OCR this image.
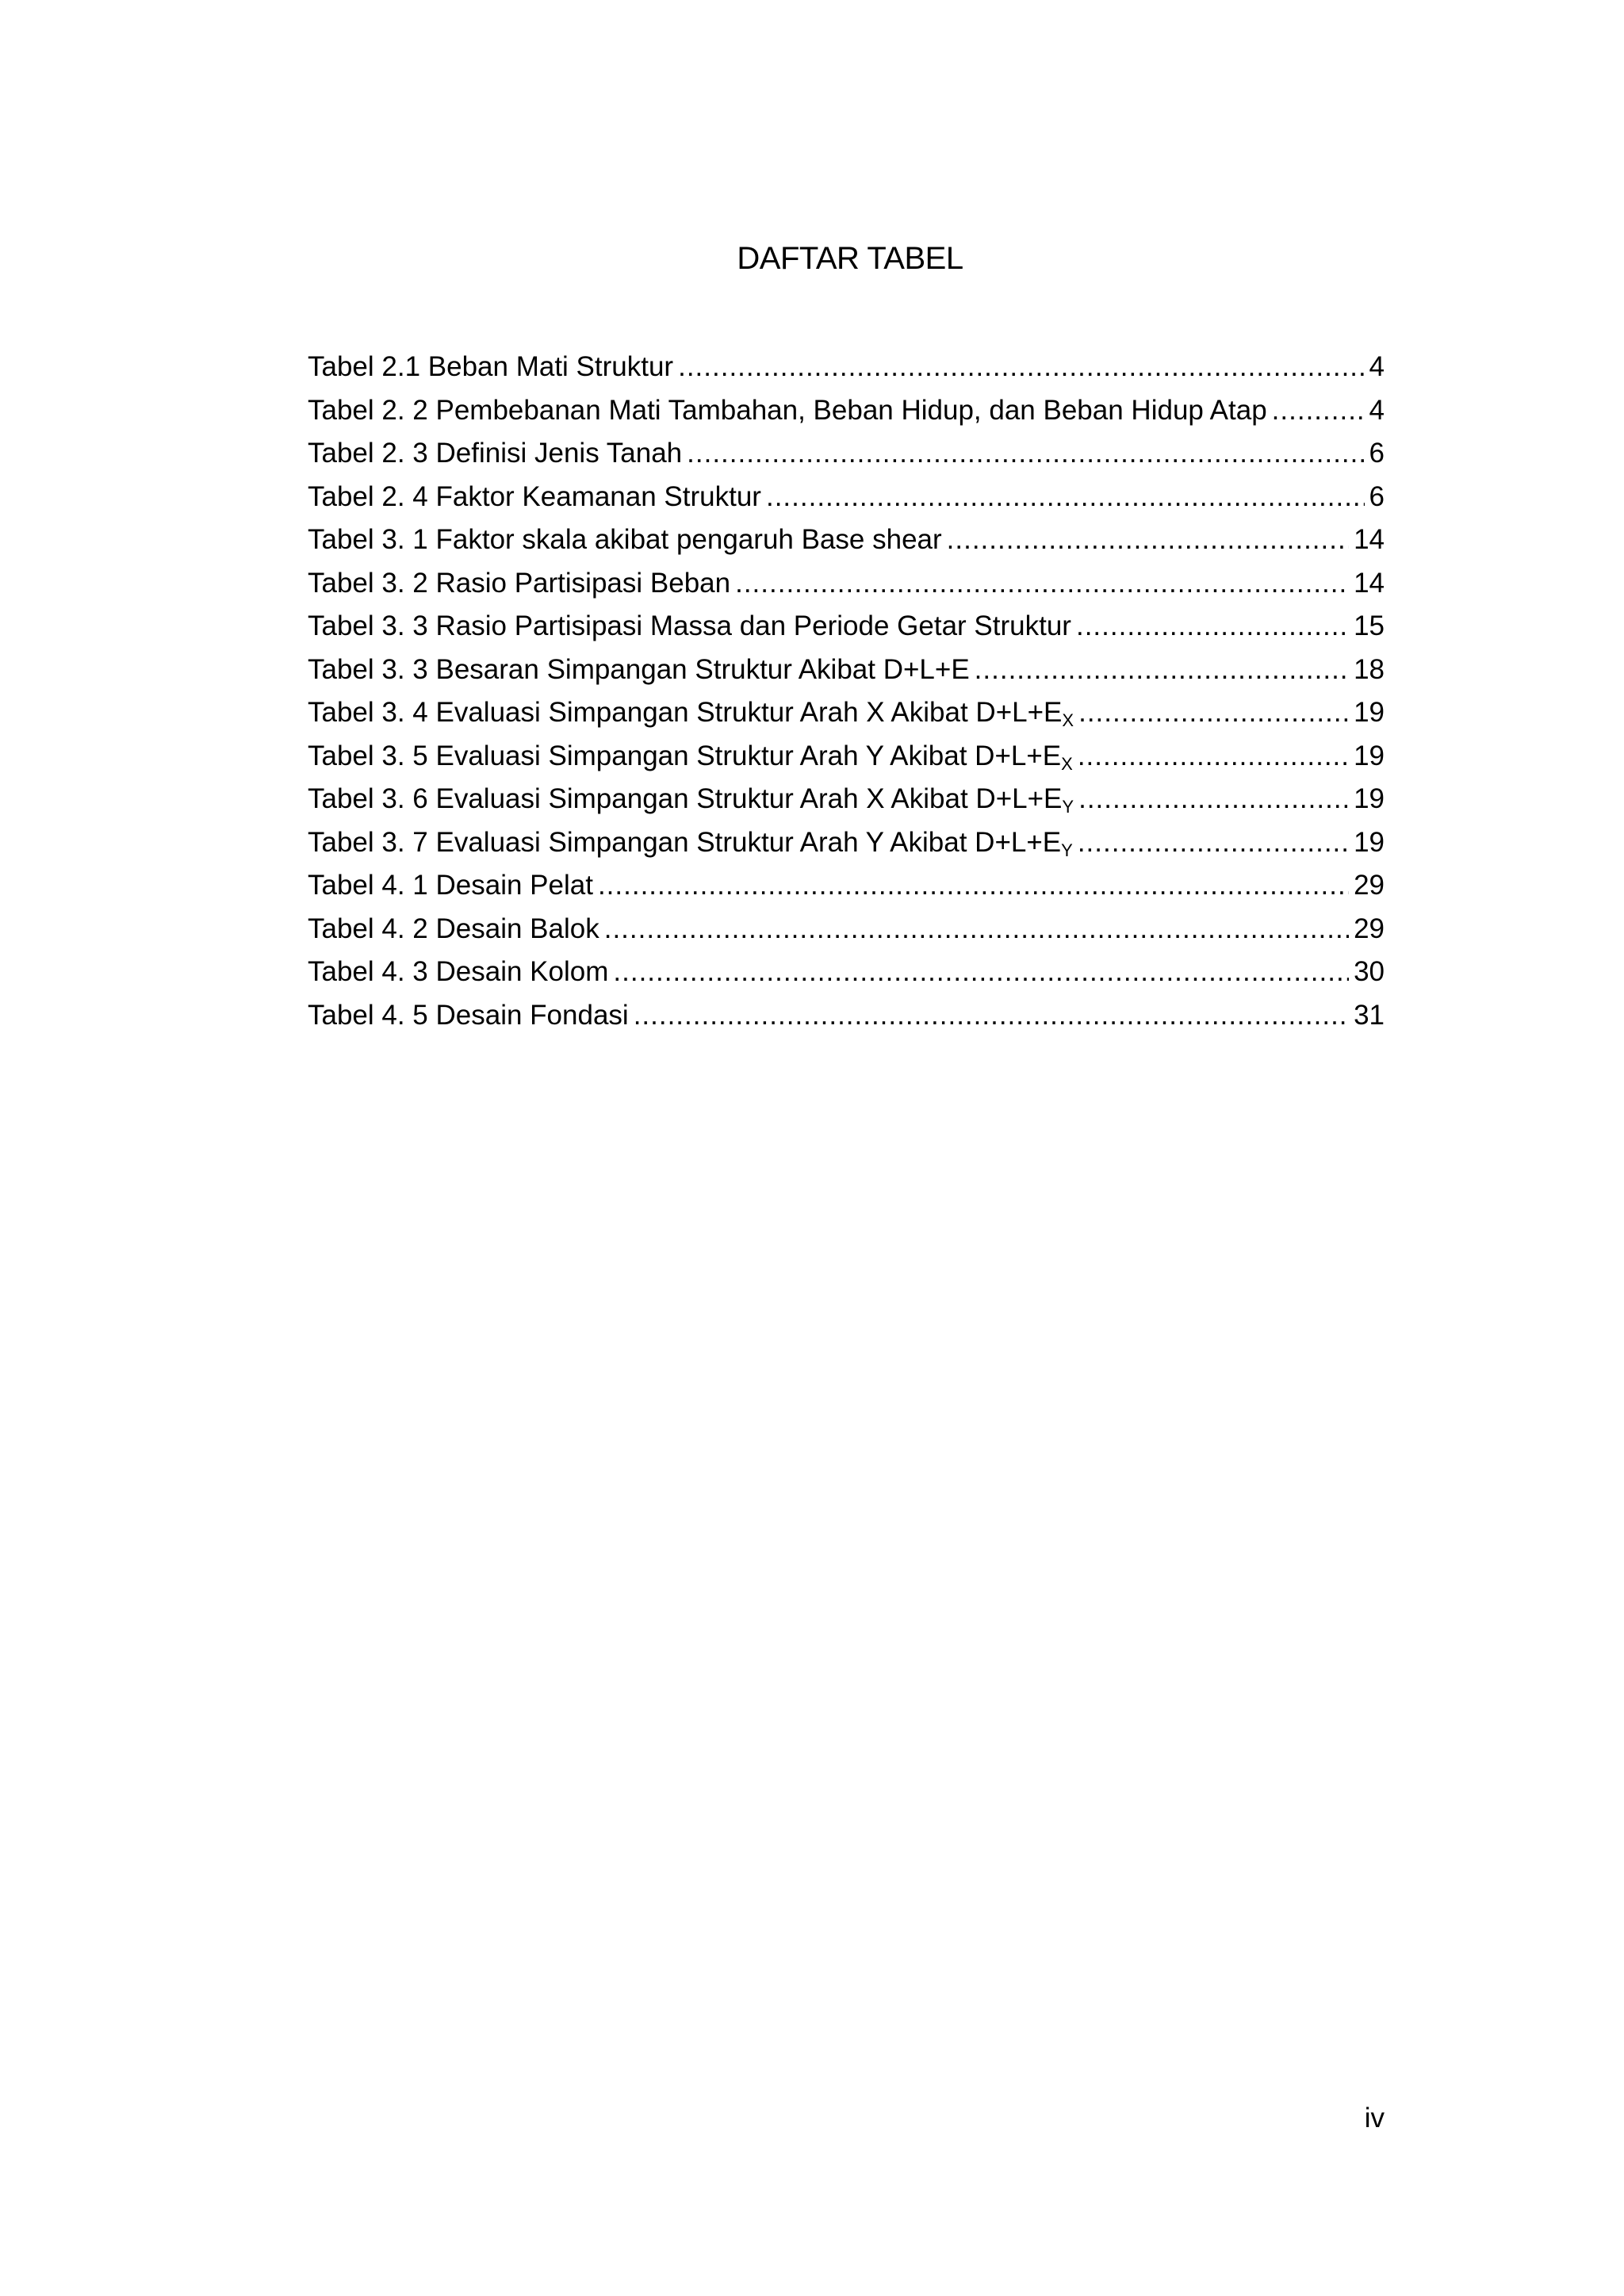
DAFTAR TABEL
Tabel 2.1 Beban Mati Struktur .....	4
Tabel 2. 2 Pembebanan Mati Tambahan, Beban Hidup, dan Beban Hidup Atap .....	4
Tabel 2. 3 Definisi Jenis Tanah .....	6
Tabel 2. 4 Faktor Keamanan Struktur .....	6
Tabel 3. 1 Faktor skala akibat pengaruh Base shear .....	14
Tabel 3. 2 Rasio Partisipasi Beban .....	14
Tabel 3. 3 Rasio Partisipasi Massa dan Periode Getar Struktur .....	15
Tabel 3. 3 Besaran Simpangan Struktur Akibat D+L+E .....	18
Tabel 3. 4 Evaluasi Simpangan Struktur Arah X Akibat $D+L+E_X$ .....	19
Tabel 3. 5 Evaluasi Simpangan Struktur Arah Y Akibat $D+L+E_X$ .....	19
Tabel 3. 6 Evaluasi Simpangan Struktur Arah X Akibat $D+L+E_Y$ .....	19
Tabel 3. 7 Evaluasi Simpangan Struktur Arah Y Akibat $D+L+E_Y$ .....	19
Tabel 4. 1 Desain Pelat .....	29
Tabel 4. 2 Desain Balok .....	29
Tabel 4. 3 Desain Kolom .....	30
Tabel 4. 5 Desain Fondasi .....	31
iv
